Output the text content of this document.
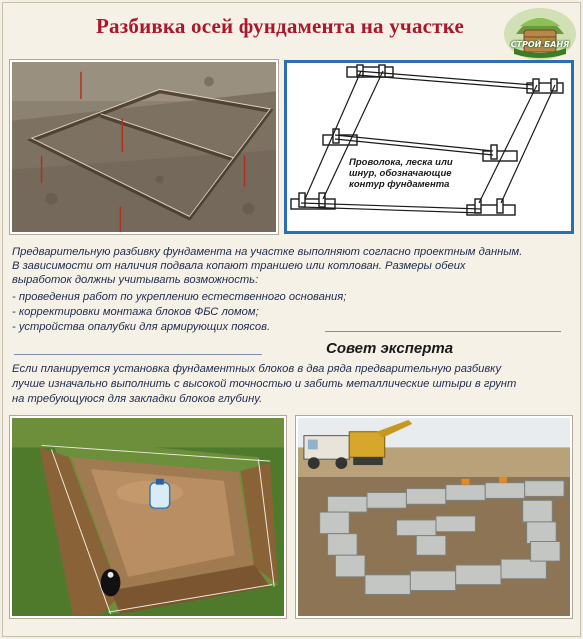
СТРОЙ БАНЯ
Разбивка осей фундамента на участке
Проволока, леска или шнур, обозначающие контур фундамента
Предварительную разбивку фундамента на участке выполняют согласно проектным данным.
В зависимости от наличия подвала копают траншею или котлован. Размеры обеих
выработок должны учитывать возможность:
- проведения работ по укреплению естественного основания;
- корректировки монтажа блоков ФБС ломом;
- устройства опалубки для армирующих поясов.
Совет эксперта
Если планируется установка фундаментных блоков в два ряда предварительную разбивку
лучше изначально выполнить с высокой точностью и забить металлические штыри в грунт
на требующуюся для закладки блоков глубину.
